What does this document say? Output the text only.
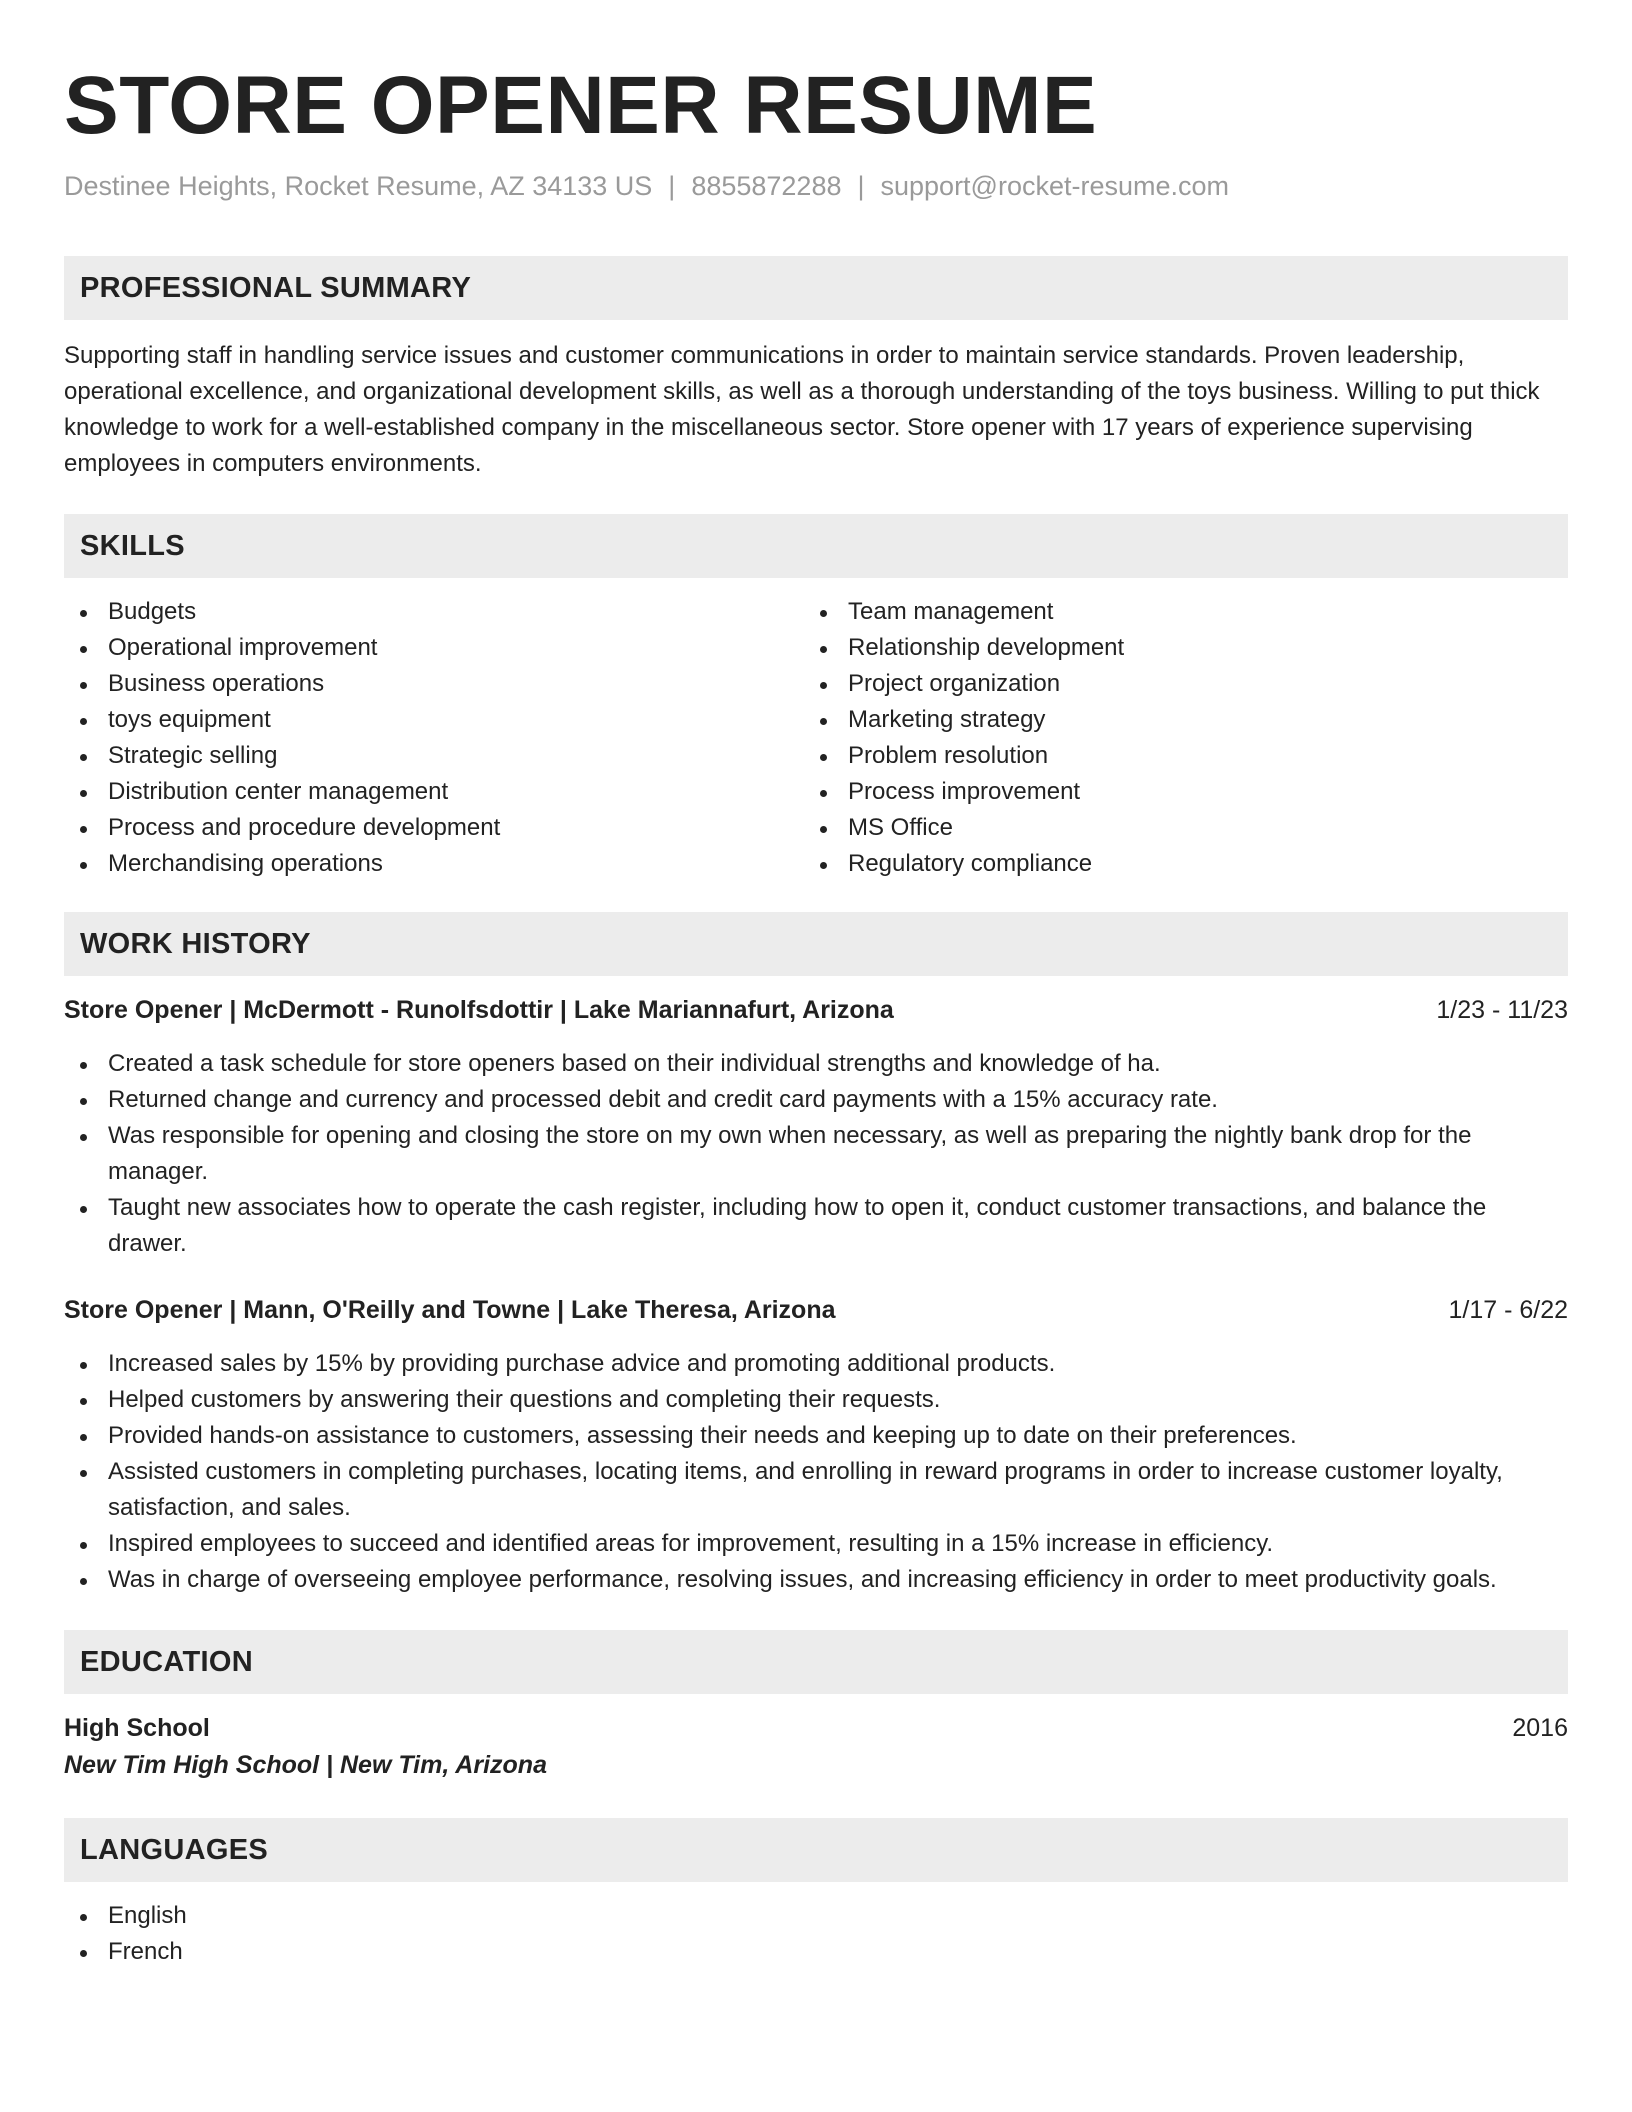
STORE OPENER RESUME
Destinee Heights, Rocket Resume, AZ 34133 US | 8855872288 | support@rocket-resume.com
PROFESSIONAL SUMMARY

Supporting staff in handling service issues and customer communications in order to maintain service standards. Proven leadership, operational excellence, and organizational development skills, as well as a thorough understanding of the toys business. Willing to put thick knowledge to work for a well-established company in the miscellaneous sector. Store opener with 17 years of experience supervising employees in computers environments.

SKILLS
Budgets
Operational improvement
Business operations
toys equipment
Strategic selling
Distribution center management
Process and procedure development
Merchandising operations
Team management
Relationship development
Project organization
Marketing strategy
Problem resolution
Process improvement
MS Office
Regulatory compliance
WORK HISTORY
Store Opener | McDermott - Runolfsdottir | Lake Mariannafurt, Arizona	1/23 - 11/23
Created a task schedule for store openers based on their individual strengths and knowledge of ha.
Returned change and currency and processed debit and credit card payments with a 15% accuracy rate.
Was responsible for opening and closing the store on my own when necessary, as well as preparing the nightly bank drop for the manager.
Taught new associates how to operate the cash register, including how to open it, conduct customer transactions, and balance the drawer.
Store Opener | Mann, O'Reilly and Towne | Lake Theresa, Arizona	1/17 - 6/22
Increased sales by 15% by providing purchase advice and promoting additional products.
Helped customers by answering their questions and completing their requests.
Provided hands-on assistance to customers, assessing their needs and keeping up to date on their preferences.
Assisted customers in completing purchases, locating items, and enrolling in reward programs in order to increase customer loyalty, satisfaction, and sales.
Inspired employees to succeed and identified areas for improvement, resulting in a 15% increase in efficiency.
Was in charge of overseeing employee performance, resolving issues, and increasing efficiency in order to meet productivity goals.
EDUCATION
High School	2016
New Tim High School | New Tim, Arizona
LANGUAGES
English
French
